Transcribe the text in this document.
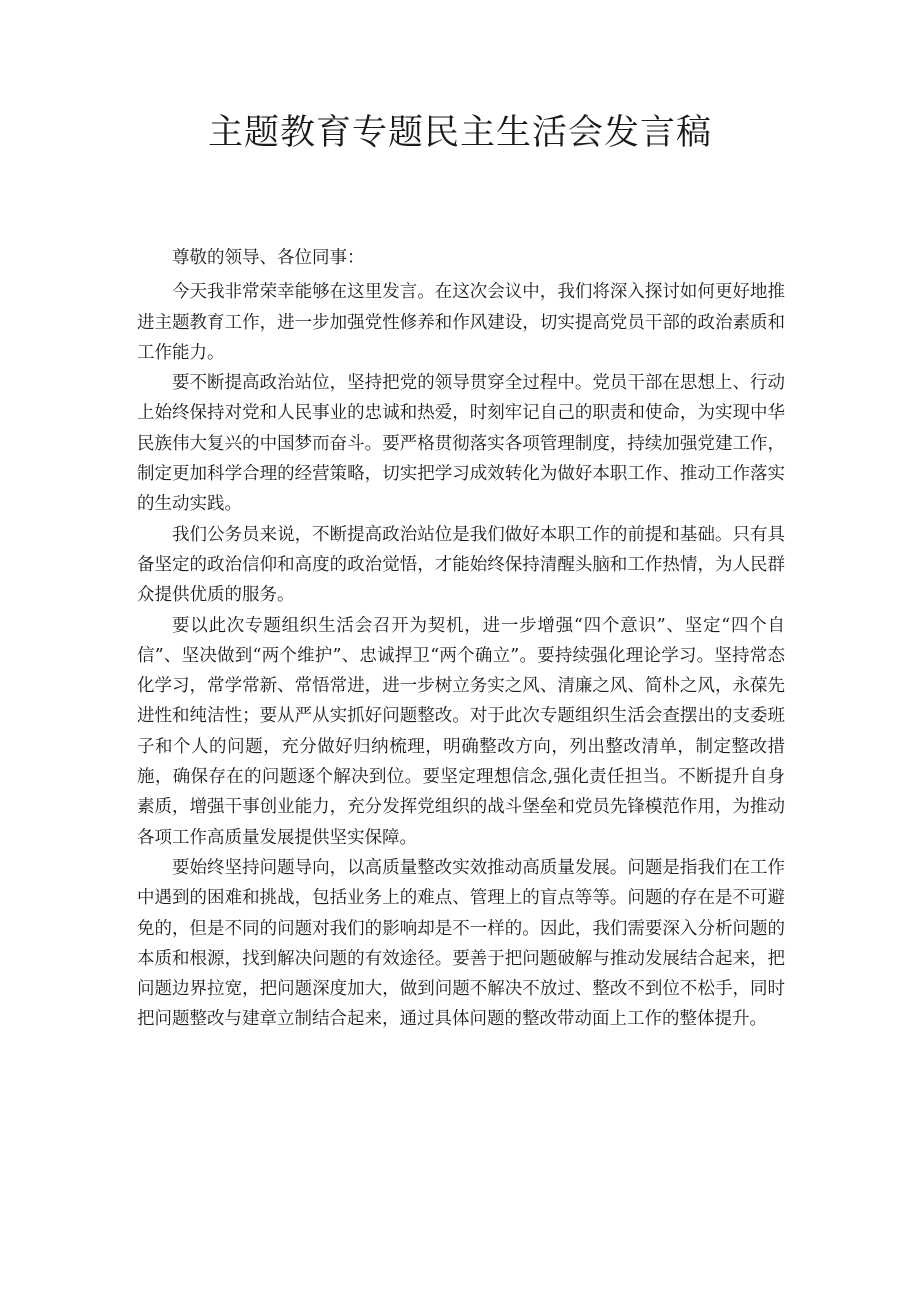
主题教育专题民主生活会发言稿

尊敬的领导、各位同事：

今天我非常荣幸能够在这里发言。在这次会议中，我们将深入探讨如何更好地推进主题教育工作，进一步加强党性修养和作风建设，切实提高党员干部的政治素质和工作能力。

要不断提高政治站位，坚持把党的领导贯穿全过程中。党员干部在思想上、行动上始终保持对党和人民事业的忠诚和热爱，时刻牢记自己的职责和使命，为实现中华民族伟大复兴的中国梦而奋斗。要严格贯彻落实各项管理制度，持续加强党建工作，制定更加科学合理的经营策略，切实把学习成效转化为做好本职工作、推动工作落实的生动实践。

我们公务员来说，不断提高政治站位是我们做好本职工作的前提和基础。只有具备坚定的政治信仰和高度的政治觉悟，才能始终保持清醒头脑和工作热情，为人民群众提供优质的服务。

要以此次专题组织生活会召开为契机，进一步增强“四个意识”、坚定“四个自信”、坚决做到“两个维护”、忠诚捍卫“两个确立”。要持续强化理论学习。坚持常态化学习，常学常新、常悟常进，进一步树立务实之风、清廉之风、简朴之风，永葆先进性和纯洁性；要从严从实抓好问题整改。对于此次专题组织生活会查摆出的支委班子和个人的问题，充分做好归纳梳理，明确整改方向，列出整改清单，制定整改措施，确保存在的问题逐个解决到位。要坚定理想信念,强化责任担当。不断提升自身素质，增强干事创业能力，充分发挥党组织的战斗堡垒和党员先锋模范作用，为推动各项工作高质量发展提供坚实保障。

要始终坚持问题导向，以高质量整改实效推动高质量发展。问题是指我们在工作中遇到的困难和挑战，包括业务上的难点、管理上的盲点等等。问题的存在是不可避免的，但是不同的问题对我们的影响却是不一样的。因此，我们需要深入分析问题的本质和根源，找到解决问题的有效途径。要善于把问题破解与推动发展结合起来，把问题边界拉宽，把问题深度加大，做到问题不解决不放过、整改不到位不松手，同时把问题整改与建章立制结合起来，通过具体问题的整改带动面上工作的整体提升。
